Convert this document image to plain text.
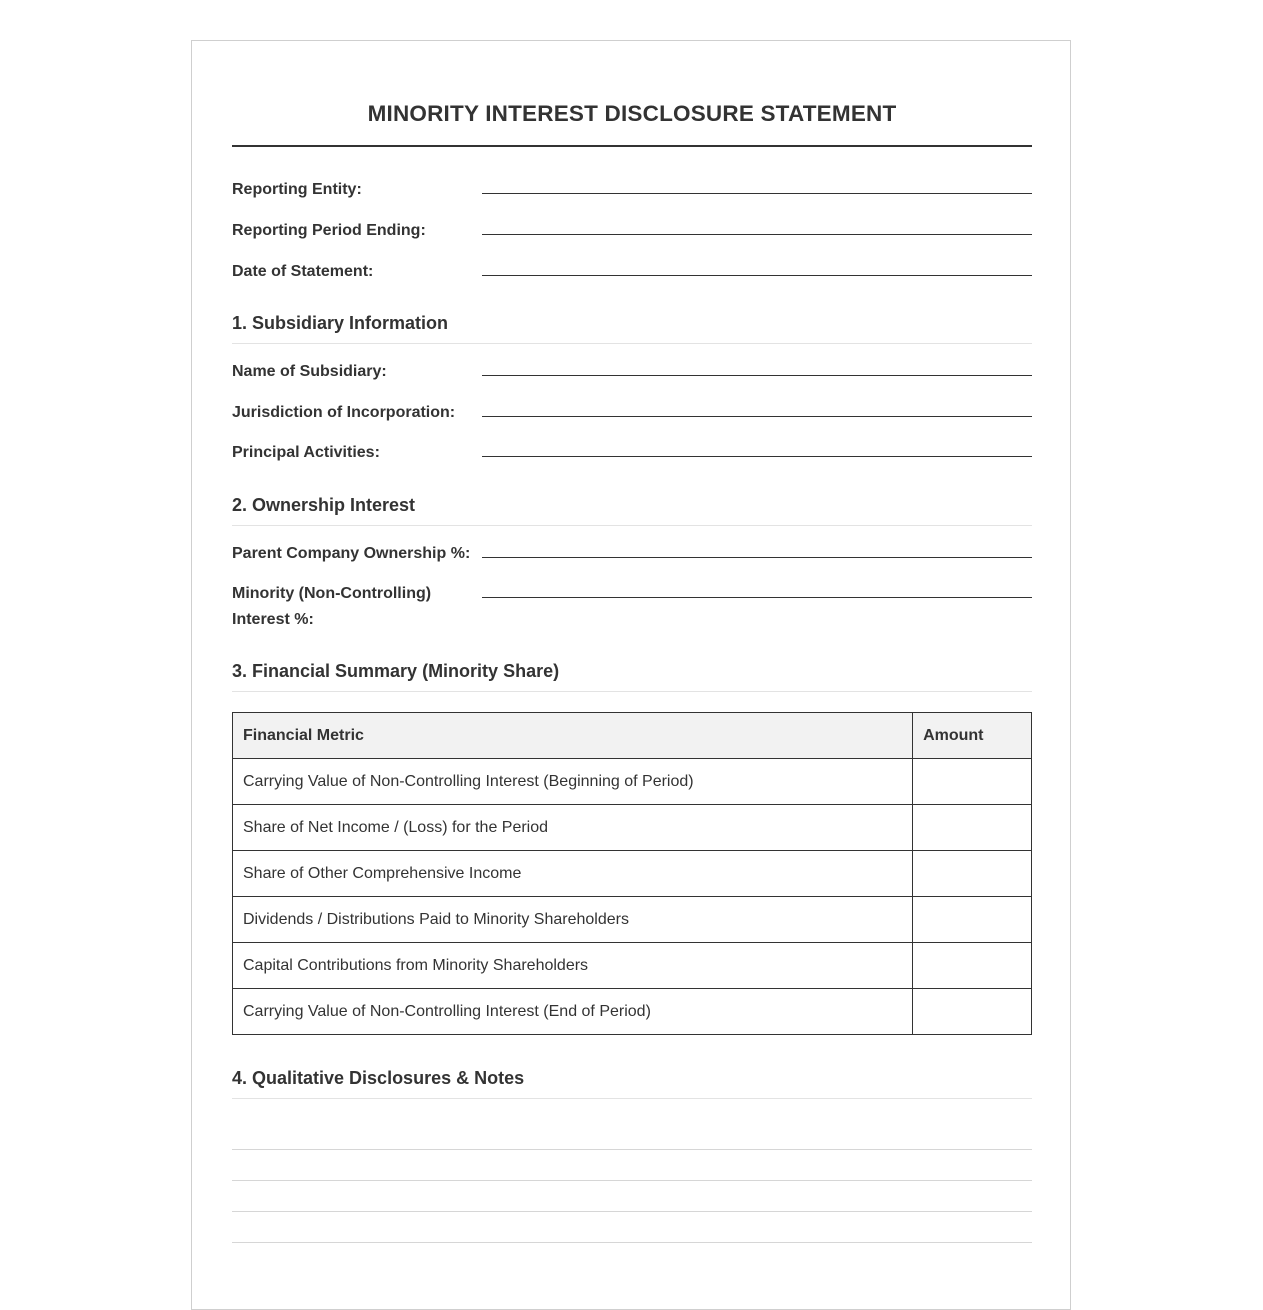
MINORITY INTEREST DISCLOSURE STATEMENT
Reporting Entity:
Reporting Period Ending:
Date of Statement:
1. Subsidiary Information
Name of Subsidiary:
Jurisdiction of Incorporation:
Principal Activities:
2. Ownership Interest
Parent Company Ownership %:
Minority (Non-Controlling) Interest %:
3. Financial Summary (Minority Share)
Financial Metric	Amount
Carrying Value of Non-Controlling Interest (Beginning of Period)	
Share of Net Income / (Loss) for the Period	
Share of Other Comprehensive Income	
Dividends / Distributions Paid to Minority Shareholders	
Capital Contributions from Minority Shareholders	
Carrying Value of Non-Controlling Interest (End of Period)	
4. Qualitative Disclosures & Notes
